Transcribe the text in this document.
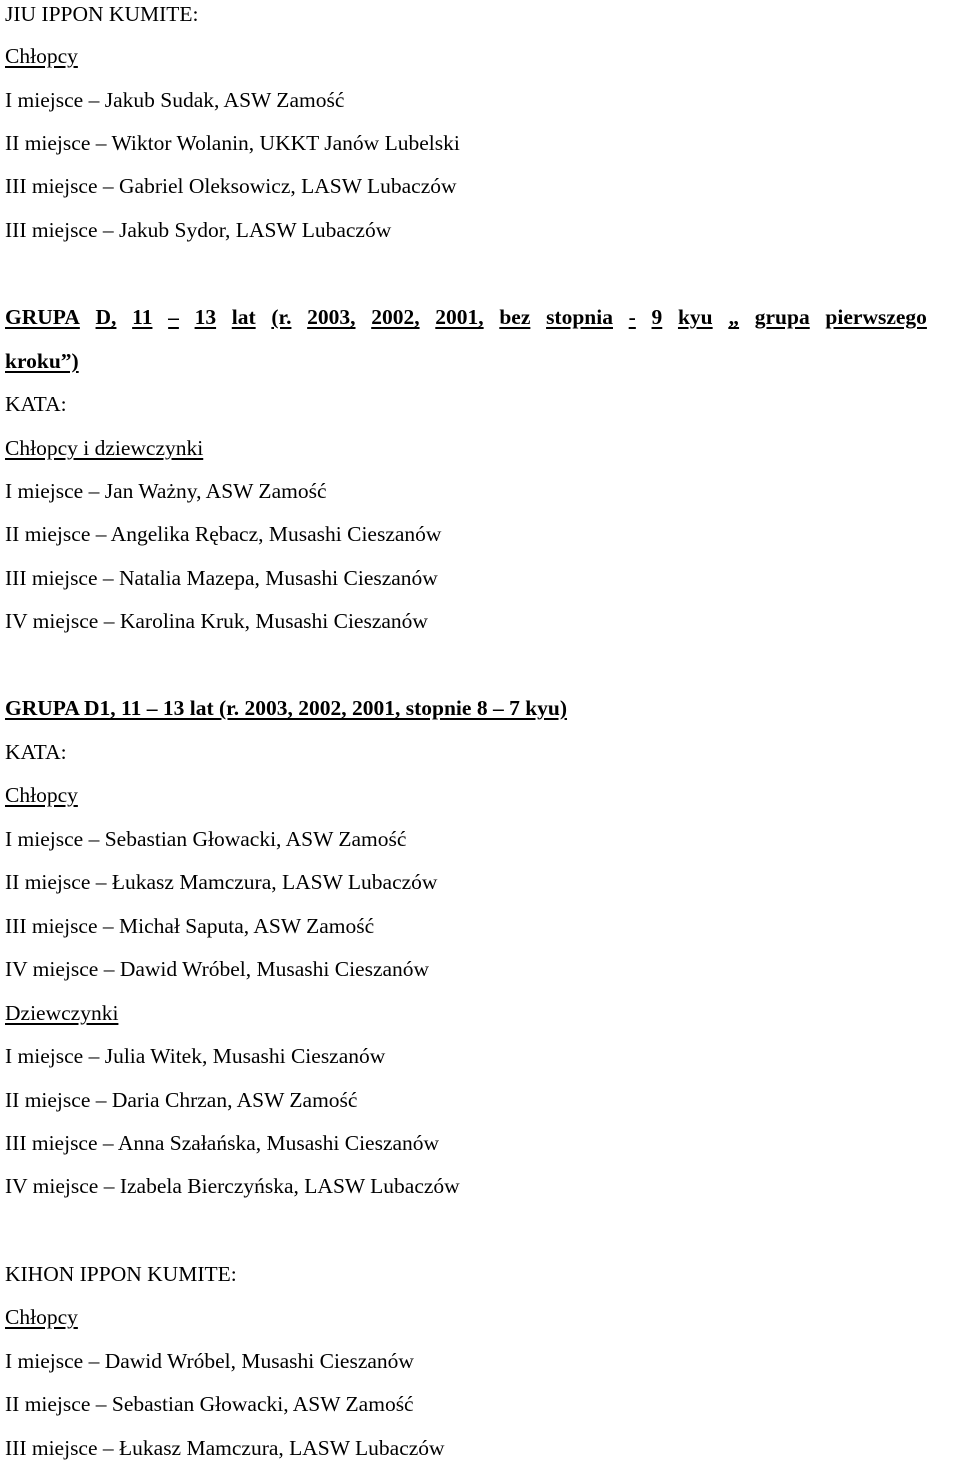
JIU IPPON KUMITE:
Chłopcy
I miejsce – Jakub Sudak, ASW Zamość
II miejsce – Wiktor Wolanin, UKKT Janów Lubelski
III miejsce – Gabriel Oleksowicz, LASW Lubaczów
III miejsce – Jakub Sydor, LASW Lubaczów
GRUPA D, 11 – 13 lat (r. 2003, 2002, 2001, bez stopnia - 9 kyu „ grupa pierwszego
kroku”)
KATA:
Chłopcy i dziewczynki
I miejsce – Jan Ważny, ASW Zamość
II miejsce – Angelika Rębacz, Musashi Cieszanów
III miejsce – Natalia Mazepa, Musashi Cieszanów
IV miejsce – Karolina Kruk, Musashi Cieszanów
GRUPA D1, 11 – 13 lat (r. 2003, 2002, 2001, stopnie 8 – 7 kyu)
KATA:
Chłopcy
I miejsce – Sebastian Głowacki, ASW Zamość
II miejsce – Łukasz Mamczura, LASW Lubaczów
III miejsce – Michał Saputa, ASW Zamość
IV miejsce – Dawid Wróbel, Musashi Cieszanów
Dziewczynki
I miejsce – Julia Witek, Musashi Cieszanów
II miejsce – Daria Chrzan, ASW Zamość
III miejsce – Anna Szałańska, Musashi Cieszanów
IV miejsce – Izabela Bierczyńska, LASW Lubaczów
KIHON IPPON KUMITE:
Chłopcy
I miejsce – Dawid Wróbel, Musashi Cieszanów
II miejsce – Sebastian Głowacki, ASW Zamość
III miejsce – Łukasz Mamczura, LASW Lubaczów
